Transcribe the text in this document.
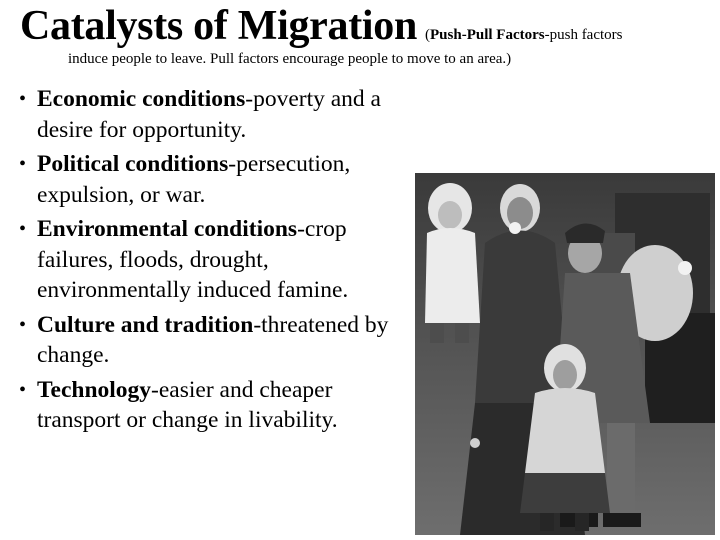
Catalysts of Migration (Push-Pull Factors-push factors
induce people to leave. Pull factors encourage people to move to an area.)
• Economic conditions-poverty and a desire for opportunity.
• Political conditions-persecution, expulsion, or war.
• Environmental conditions-crop failures, floods, drought, environmentally induced famine.
• Culture and tradition-threatened by change.
• Technology-easier and cheaper transport or change in livability.
